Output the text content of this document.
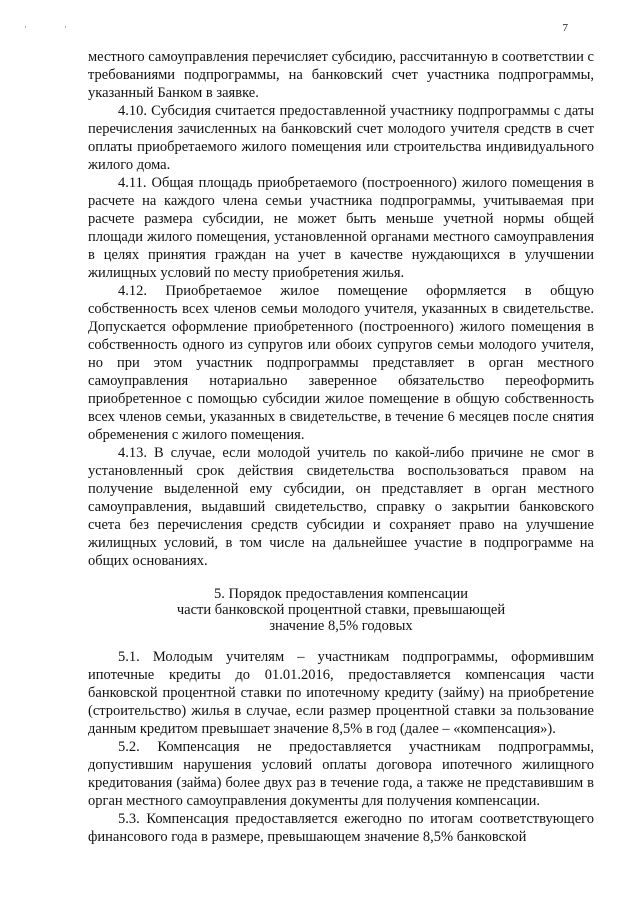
·	·	7

местного самоуправления перечисляет субсидию, рассчитанную в соответствии с требованиями подпрограммы, на банковский счет участника подпрограммы, указанный Банком в заявке.

4.10. Субсидия считается предоставленной участнику подпрограммы с даты перечисления зачисленных на банковский счет молодого учителя средств в счет оплаты приобретаемого жилого помещения или строительства индивидуального жилого дома.

4.11. Общая площадь приобретаемого (построенного) жилого помещения в расчете на каждого члена семьи участника подпрограммы, учитываемая при расчете размера субсидии, не может быть меньше учетной нормы общей площади жилого помещения, установленной органами местного самоуправления в целях принятия граждан на учет в качестве нуждающихся в улучшении жилищных условий по месту приобретения жилья.

4.12. Приобретаемое жилое помещение оформляется в общую собственность всех членов семьи молодого учителя, указанных в свидетельстве. Допускается оформление приобретенного (построенного) жилого помещения в собственность одного из супругов или обоих супругов семьи молодого учителя, но при этом участник подпрограммы представляет в орган местного самоуправления нотариально заверенное обязательство переоформить приобретенное с помощью субсидии жилое помещение в общую собственность всех членов семьи, указанных в свидетельстве, в течение 6 месяцев после снятия обременения с жилого помещения.

4.13. В случае, если молодой учитель по какой-либо причине не смог в установленный срок действия свидетельства воспользоваться правом на получение выделенной ему субсидии, он представляет в орган местного самоуправления, выдавший свидетельство, справку о закрытии банковского счета без перечисления средств субсидии и сохраняет право на улучшение жилищных условий, в том числе на дальнейшее участие в подпрограмме на общих основаниях.

5. Порядок предоставления компенсации
части банковской процентной ставки, превышающей
значение 8,5% годовых

5.1. Молодым учителям – участникам подпрограммы, оформившим ипотечные кредиты до 01.01.2016, предоставляется компенсация части банковской процентной ставки по ипотечному кредиту (займу) на приобретение (строительство) жилья в случае, если размер процентной ставки за пользование данным кредитом превышает значение 8,5% в год (далее – «компенсация»).

5.2. Компенсация не предоставляется участникам подпрограммы, допустившим нарушения условий оплаты договора ипотечного жилищного кредитования (займа) более двух раз в течение года, а также не представившим в орган местного самоуправления документы для получения компенсации.

5.3. Компенсация предоставляется ежегодно по итогам соответствующего финансового года в размере, превышающем значение 8,5% банковской
